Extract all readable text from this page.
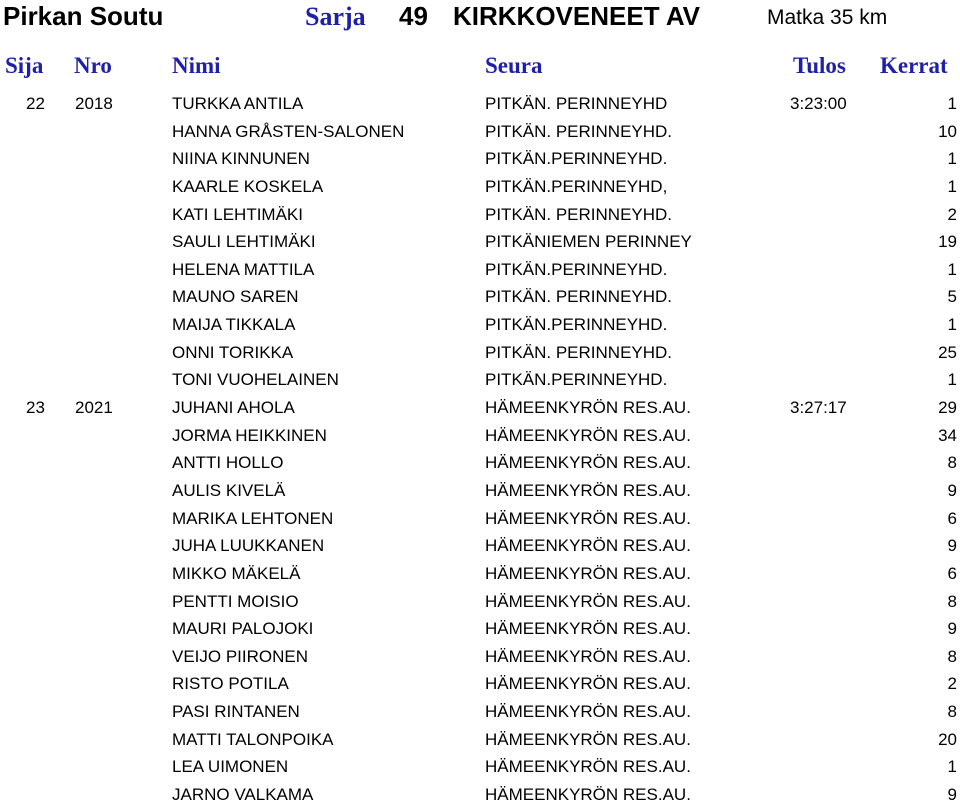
Pirkan Soutu	Sarja 49 KIRKKOVENEET AV	Matka 35 km
Sija Nro	Nimi	Seura	Tulos Kerrat
22 2018	TURKKA ANTILA	PITKÄN. PERINNEYHD	3:23:00	1
HANNA GRÅSTEN-SALONEN	PITKÄN. PERINNEYHD.	10
NIINA KINNUNEN	PITKÄN.PERINNEYHD.	1
KAARLE KOSKELA	PITKÄN.PERINNEYHD,	1
KATI LEHTIMÄKI	PITKÄN. PERINNEYHD.	2
SAULI LEHTIMÄKI	PITKÄNIEMEN PERINNEY	19
HELENA MATTILA	PITKÄN.PERINNEYHD.	1
MAUNO SAREN	PITKÄN. PERINNEYHD.	5
MAIJA TIKKALA	PITKÄN.PERINNEYHD.	1
ONNI TORIKKA	PITKÄN. PERINNEYHD.	25
TONI VUOHELAINEN	PITKÄN.PERINNEYHD.	1
23 2021	JUHANI AHOLA	HÄMEENKYRÖN RES.AU.	3:27:17	29
JORMA HEIKKINEN	HÄMEENKYRÖN RES.AU.	34
ANTTI HOLLO	HÄMEENKYRÖN RES.AU.	8
AULIS KIVELÄ	HÄMEENKYRÖN RES.AU.	9
MARIKA LEHTONEN	HÄMEENKYRÖN RES.AU.	6
JUHA LUUKKANEN	HÄMEENKYRÖN RES.AU.	9
MIKKO MÄKELÄ	HÄMEENKYRÖN RES.AU.	6
PENTTI MOISIO	HÄMEENKYRÖN RES.AU.	8
MAURI PALOJOKI	HÄMEENKYRÖN RES.AU.	9
VEIJO PIIRONEN	HÄMEENKYRÖN RES.AU.	8
RISTO POTILA	HÄMEENKYRÖN RES.AU.	2
PASI RINTANEN	HÄMEENKYRÖN RES.AU.	8
MATTI TALONPOIKA	HÄMEENKYRÖN RES.AU.	20
LEA UIMONEN	HÄMEENKYRÖN RES.AU.	1
JARNO VALKAMA	HÄMEENKYRÖN RES.AU.	9
